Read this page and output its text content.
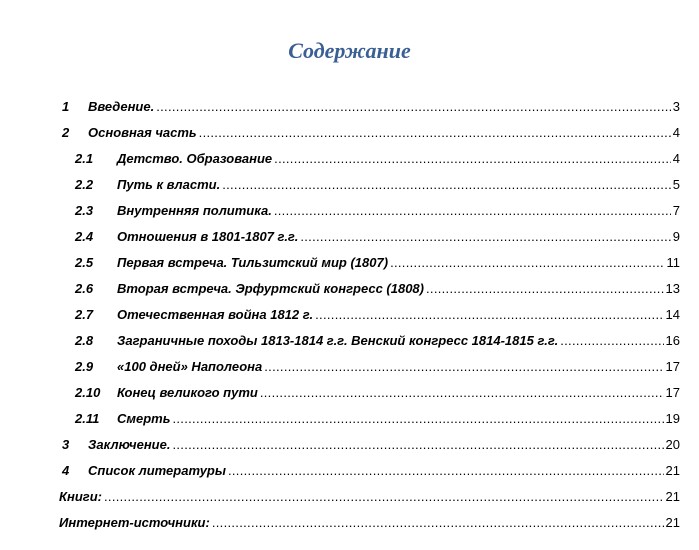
Содержание
1 Введение. .....	3
2 Основная часть .....	4
2.1 Детство. Образование .....	4
2.2 Путь к власти. .....	5
2.3 Внутренняя политика. .....	7
2.4 Отношения в 1801-1807 г.г. .....	9
2.5 Первая встреча. Тильзитский мир (1807) .....	11
2.6 Вторая встреча. Эрфуртский конгресс (1808) .....	13
2.7 Отечественная война 1812 г. .....	14
2.8 Заграничные походы 1813-1814 г.г. Венский конгресс 1814-1815 г.г. .....	16
2.9 «100 дней» Наполеона .....	17
2.10 Конец великого пути .....	17
2.11 Смерть .....	19
3 Заключение. .....	20
4 Список литературы .....	21
Книги: .....	21
Интернет-источники: .....	21
